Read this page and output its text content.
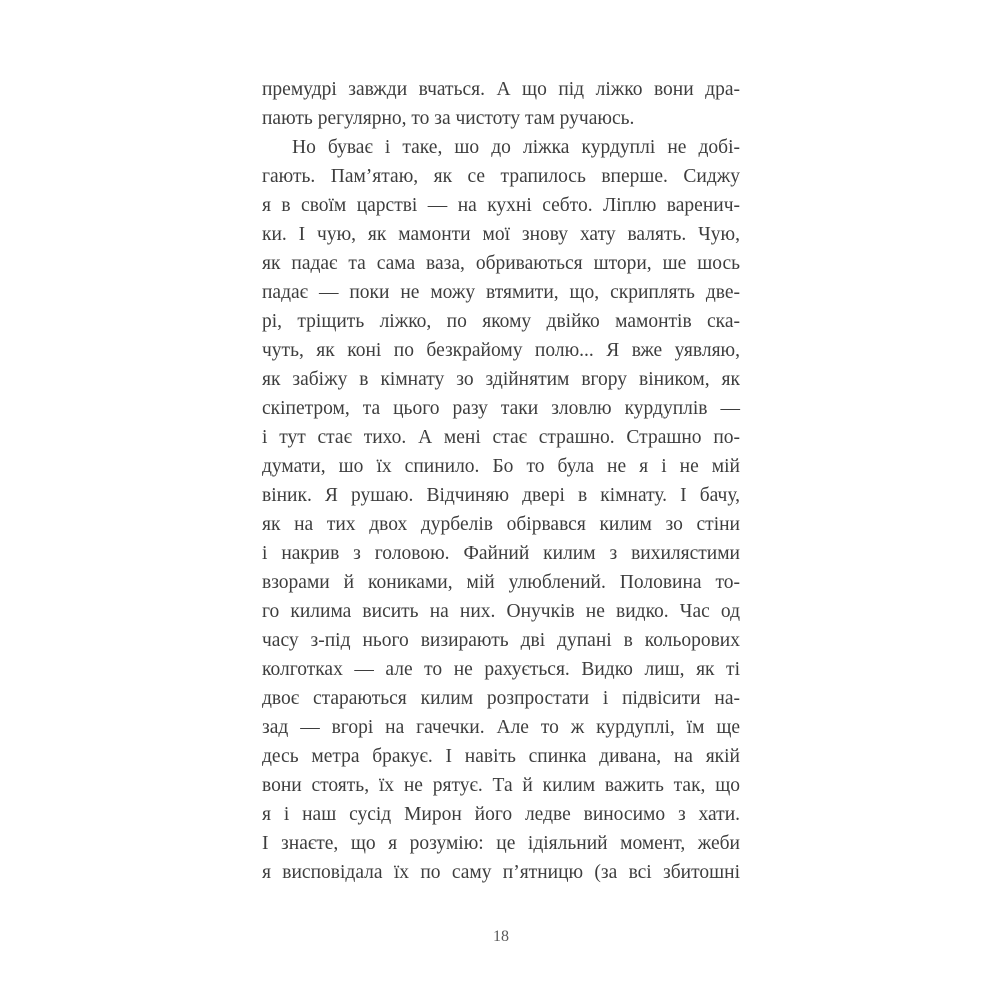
премудрі завжди вчаться. А що під ліжко вони дра-
пають регулярно, то за чистоту там ручаюсь.
Но буває і таке, шо до ліжка курдуплі не добі-
гають. Пам’ятаю, як се трапилось вперше. Сиджу
я в своїм царстві — на кухні себто. Ліплю варенич-
ки. І чую, як мамонти мої знову хату валять. Чую,
як падає та сама ваза, обриваються штори, ше шось
падає — поки не можу втямити, що, скриплять две-
рі, тріщить ліжко, по якому двійко мамонтів ска-
чуть, як коні по безкрайому полю... Я вже уявляю,
як забіжу в кімнату зо здійнятим вгору віником, як
скіпетром, та цього разу таки зловлю курдуплів —
і тут стає тихо. А мені стає страшно. Страшно по-
думати, шо їх спинило. Бо то була не я і не мій
віник. Я рушаю. Відчиняю двері в кімнату. І бачу,
як на тих двох дурбелів обірвався килим зо стіни
і накрив з головою. Файний килим з вихилястими
взорами й кониками, мій улюблений. Половина то-
го килима висить на них. Онучків не видко. Час од
часу з-під нього визирають дві дупані в кольорових
колготках — але то не рахується. Видко лиш, як ті
двоє стараються килим розпростати і підвісити на-
зад — вгорі на гачечки. Але то ж курдуплі, їм ще
десь метра бракує. І навіть спинка дивана, на якій
вони стоять, їх не рятує. Та й килим важить так, що
я і наш сусід Мирон його ледве виносимо з хати.
І знаєте, що я розумію: це ідіяльний момент, жеби
я висповідала їх по саму п’ятницю (за всі збитошні
18
